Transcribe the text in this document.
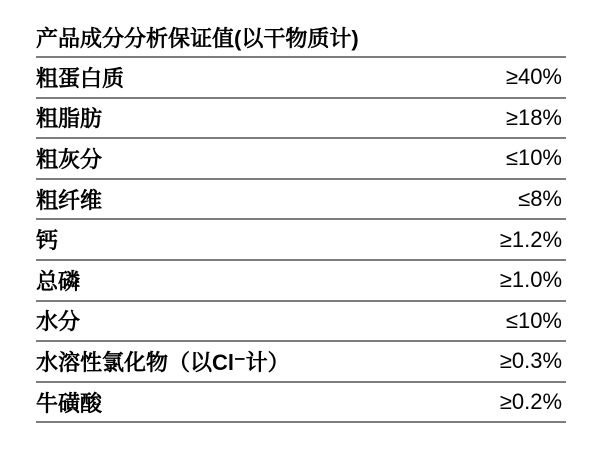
产品成分分析保证值(以干物质计)
粗蛋白质	≥40%
粗脂肪	≥18%
粗灰分	≤10%
粗纤维	≤8%
钙	≥1.2%
总磷	≥1.0%
水分	≤10%
水溶性氯化物（以Cl⁻计）	≥0.3%
牛磺酸	≥0.2%
